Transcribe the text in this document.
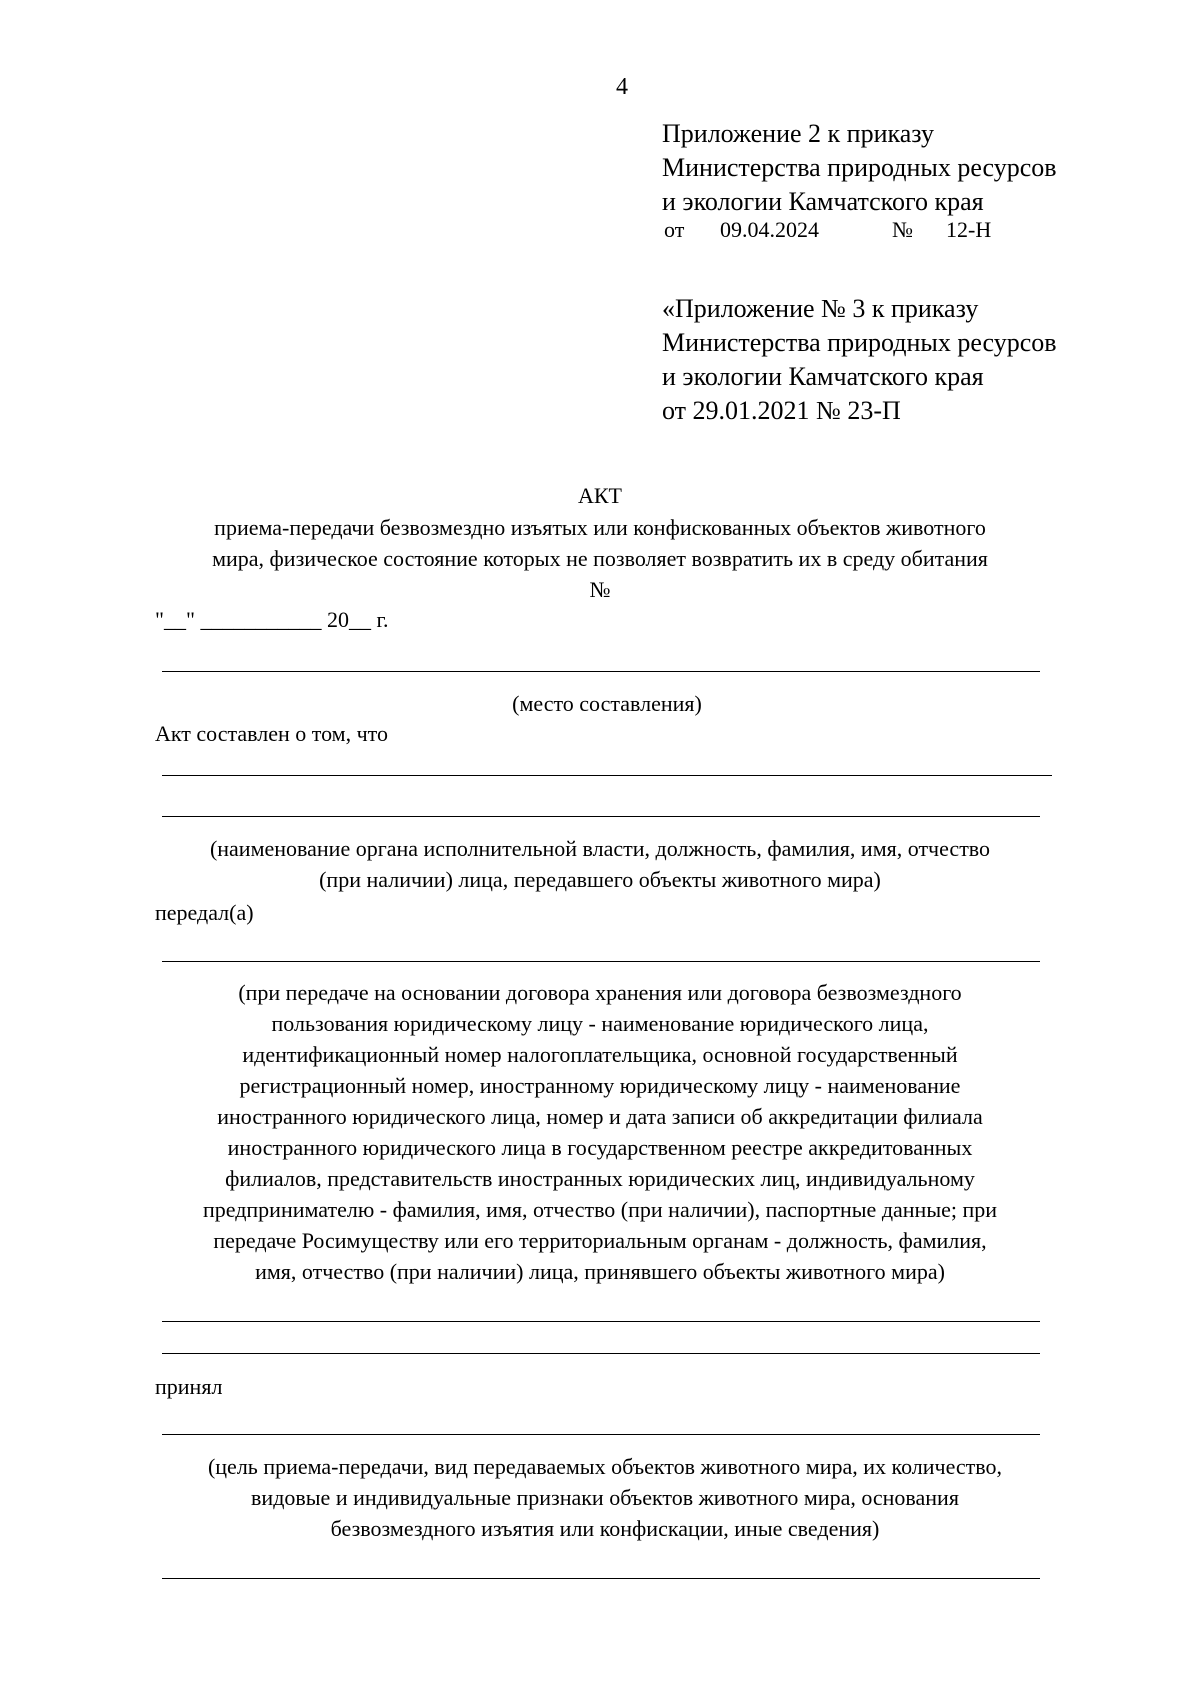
4
Приложение 2 к приказу
Министерства природных ресурсов
и экологии Камчатского края
от 09.04.2024	№ 12-Н
«Приложение № 3 к приказу
Министерства природных ресурсов
и экологии Камчатского края
от 29.01.2021 № 23-П
АКТ
приема-передачи безвозмездно изъятых или конфискованных объектов животного
мира, физическое состояние которых не позволяет возвратить их в среду обитания
№
"__" ___________ 20__ г.
(место составления)
Акт составлен о том, что
(наименование органа исполнительной власти, должность, фамилия, имя, отчество
(при наличии) лица, передавшего объекты животного мира)
передал(а)
(при передаче на основании договора хранения или договора безвозмездного
пользования юридическому лицу - наименование юридического лица,
идентификационный номер налогоплательщика, основной государственный
регистрационный номер, иностранному юридическому лицу - наименование
иностранного юридического лица, номер и дата записи об аккредитации филиала
иностранного юридического лица в государственном реестре аккредитованных
филиалов, представительств иностранных юридических лиц, индивидуальному
предпринимателю - фамилия, имя, отчество (при наличии), паспортные данные; при
передаче Росимуществу или его территориальным органам - должность, фамилия,
имя, отчество (при наличии) лица, принявшего объекты животного мира)
принял
(цель приема-передачи, вид передаваемых объектов животного мира, их количество,
видовые и индивидуальные признаки объектов животного мира, основания
безвозмездного изъятия или конфискации, иные сведения)
